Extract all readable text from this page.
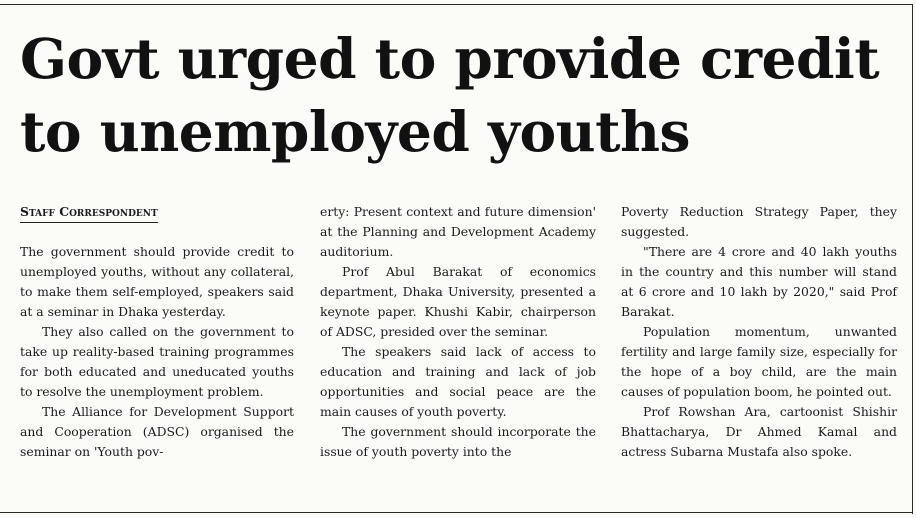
Govt urged to provide credit to unemployed youths
Staff Correspondent

The government should provide credit to unemployed youths, without any collateral, to make them self-employed, speakers said at a seminar in Dhaka yesterday.

They also called on the government to take up reality-based training programmes for both educated and uneducated youths to resolve the unemployment problem.

The Alliance for Development Support and Cooperation (ADSC) organised the seminar on 'Youth pov-

erty: Present context and future dimension' at the Planning and Development Academy auditorium.

Prof Abul Barakat of economics department, Dhaka University, presented a keynote paper. Khushi Kabir, chairperson of ADSC, presided over the seminar.

The speakers said lack of access to education and training and lack of job opportunities and social peace are the main causes of youth poverty.

The government should incorporate the issue of youth poverty into the

Poverty Reduction Strategy Paper, they suggested.

"There are 4 crore and 40 lakh youths in the country and this number will stand at 6 crore and 10 lakh by 2020," said Prof Barakat.

Population momentum, unwanted fertility and large family size, especially for the hope of a boy child, are the main causes of population boom, he pointed out.

Prof Rowshan Ara, cartoonist Shishir Bhattacharya, Dr Ahmed Kamal and actress Subarna Mustafa also spoke.
